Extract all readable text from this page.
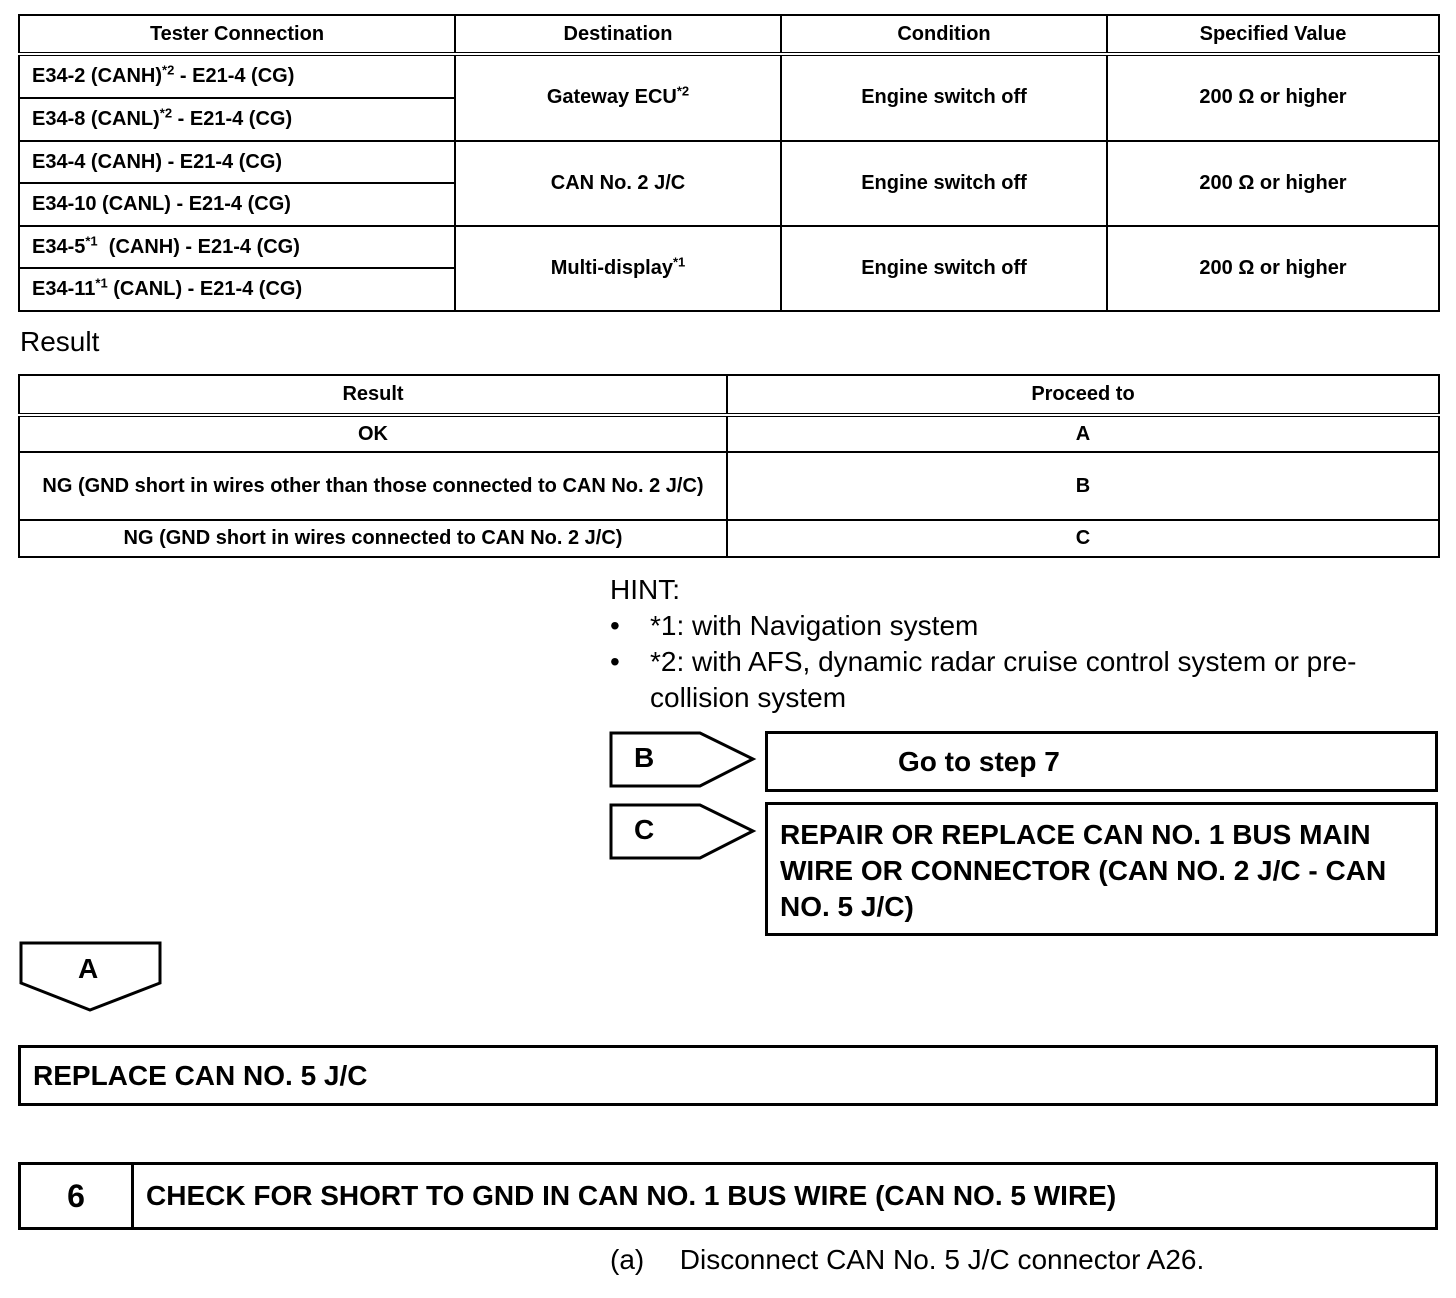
Tester Connection	Destination	Condition	Specified Value
E34-2 (CANH)$^{*2}$ - E21-4 (CG)	Gateway ECU$^{*2}$	Engine switch off	200 Ω or higher
E34-8 (CANL)$^{*2}$ - E21-4 (CG)			
E34-4 (CANH) - E21-4 (CG)	CAN No. 2 J/C	Engine switch off	200 Ω or higher
E34-10 (CANL) - E21-4 (CG)			
E34-5$^{*1}$  (CANH) - E21-4 (CG)	Multi-display$^{*1}$	Engine switch off	200 Ω or higher
E34-11$^{*1}$ (CANL) - E21-4 (CG)			
Result
Result	Proceed to
OK	A
NG (GND short in wires other than those connected to CAN No. 2 J/C)	B
NG (GND short in wires connected to CAN No. 2 J/C)	C
HINT:
•	*1: with Navigation system
•	*2: with AFS, dynamic radar cruise control system or pre-collision system
B	Go to step 7
C	REPAIR OR REPLACE CAN NO. 1 BUS MAIN WIRE OR CONNECTOR (CAN NO. 2 J/C - CAN NO. 5 J/C)
A
REPLACE CAN NO. 5 J/C
6	CHECK FOR SHORT TO GND IN CAN NO. 1 BUS WIRE (CAN NO. 5 WIRE)
(a) Disconnect CAN No. 5 J/C connector A26.
